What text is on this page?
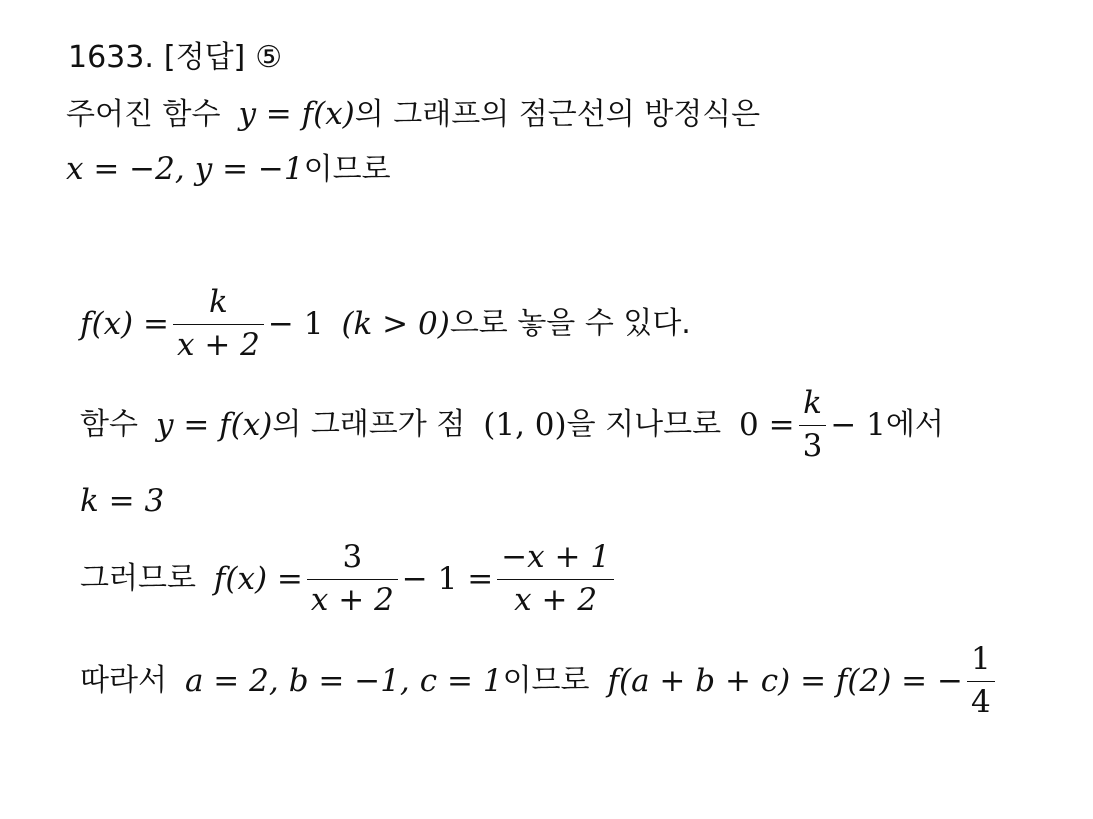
1633. [정답] ⑤
주어진 함수 y = f(x) 의 그래프의 점근선의 방정식은
x = −2, y = −1 이므로
$f(x) = \frac{k}{x + 2} - 1$ (k > 0) 으로 놓을 수 있다.
함수 y = f(x) 의 그래프가 점 (1, 0) 을 지나므로 $0 = \frac{k}{3} - 1$ 에서
k = 3
그러므로 $f(x) = \frac{3}{x + 2} - 1 = \frac{-x + 1}{x + 2}$
따라서 a = 2, b = −1, c = 1 이므로 f(a + b + c) = f(2) = − $\frac{1}{4}$
